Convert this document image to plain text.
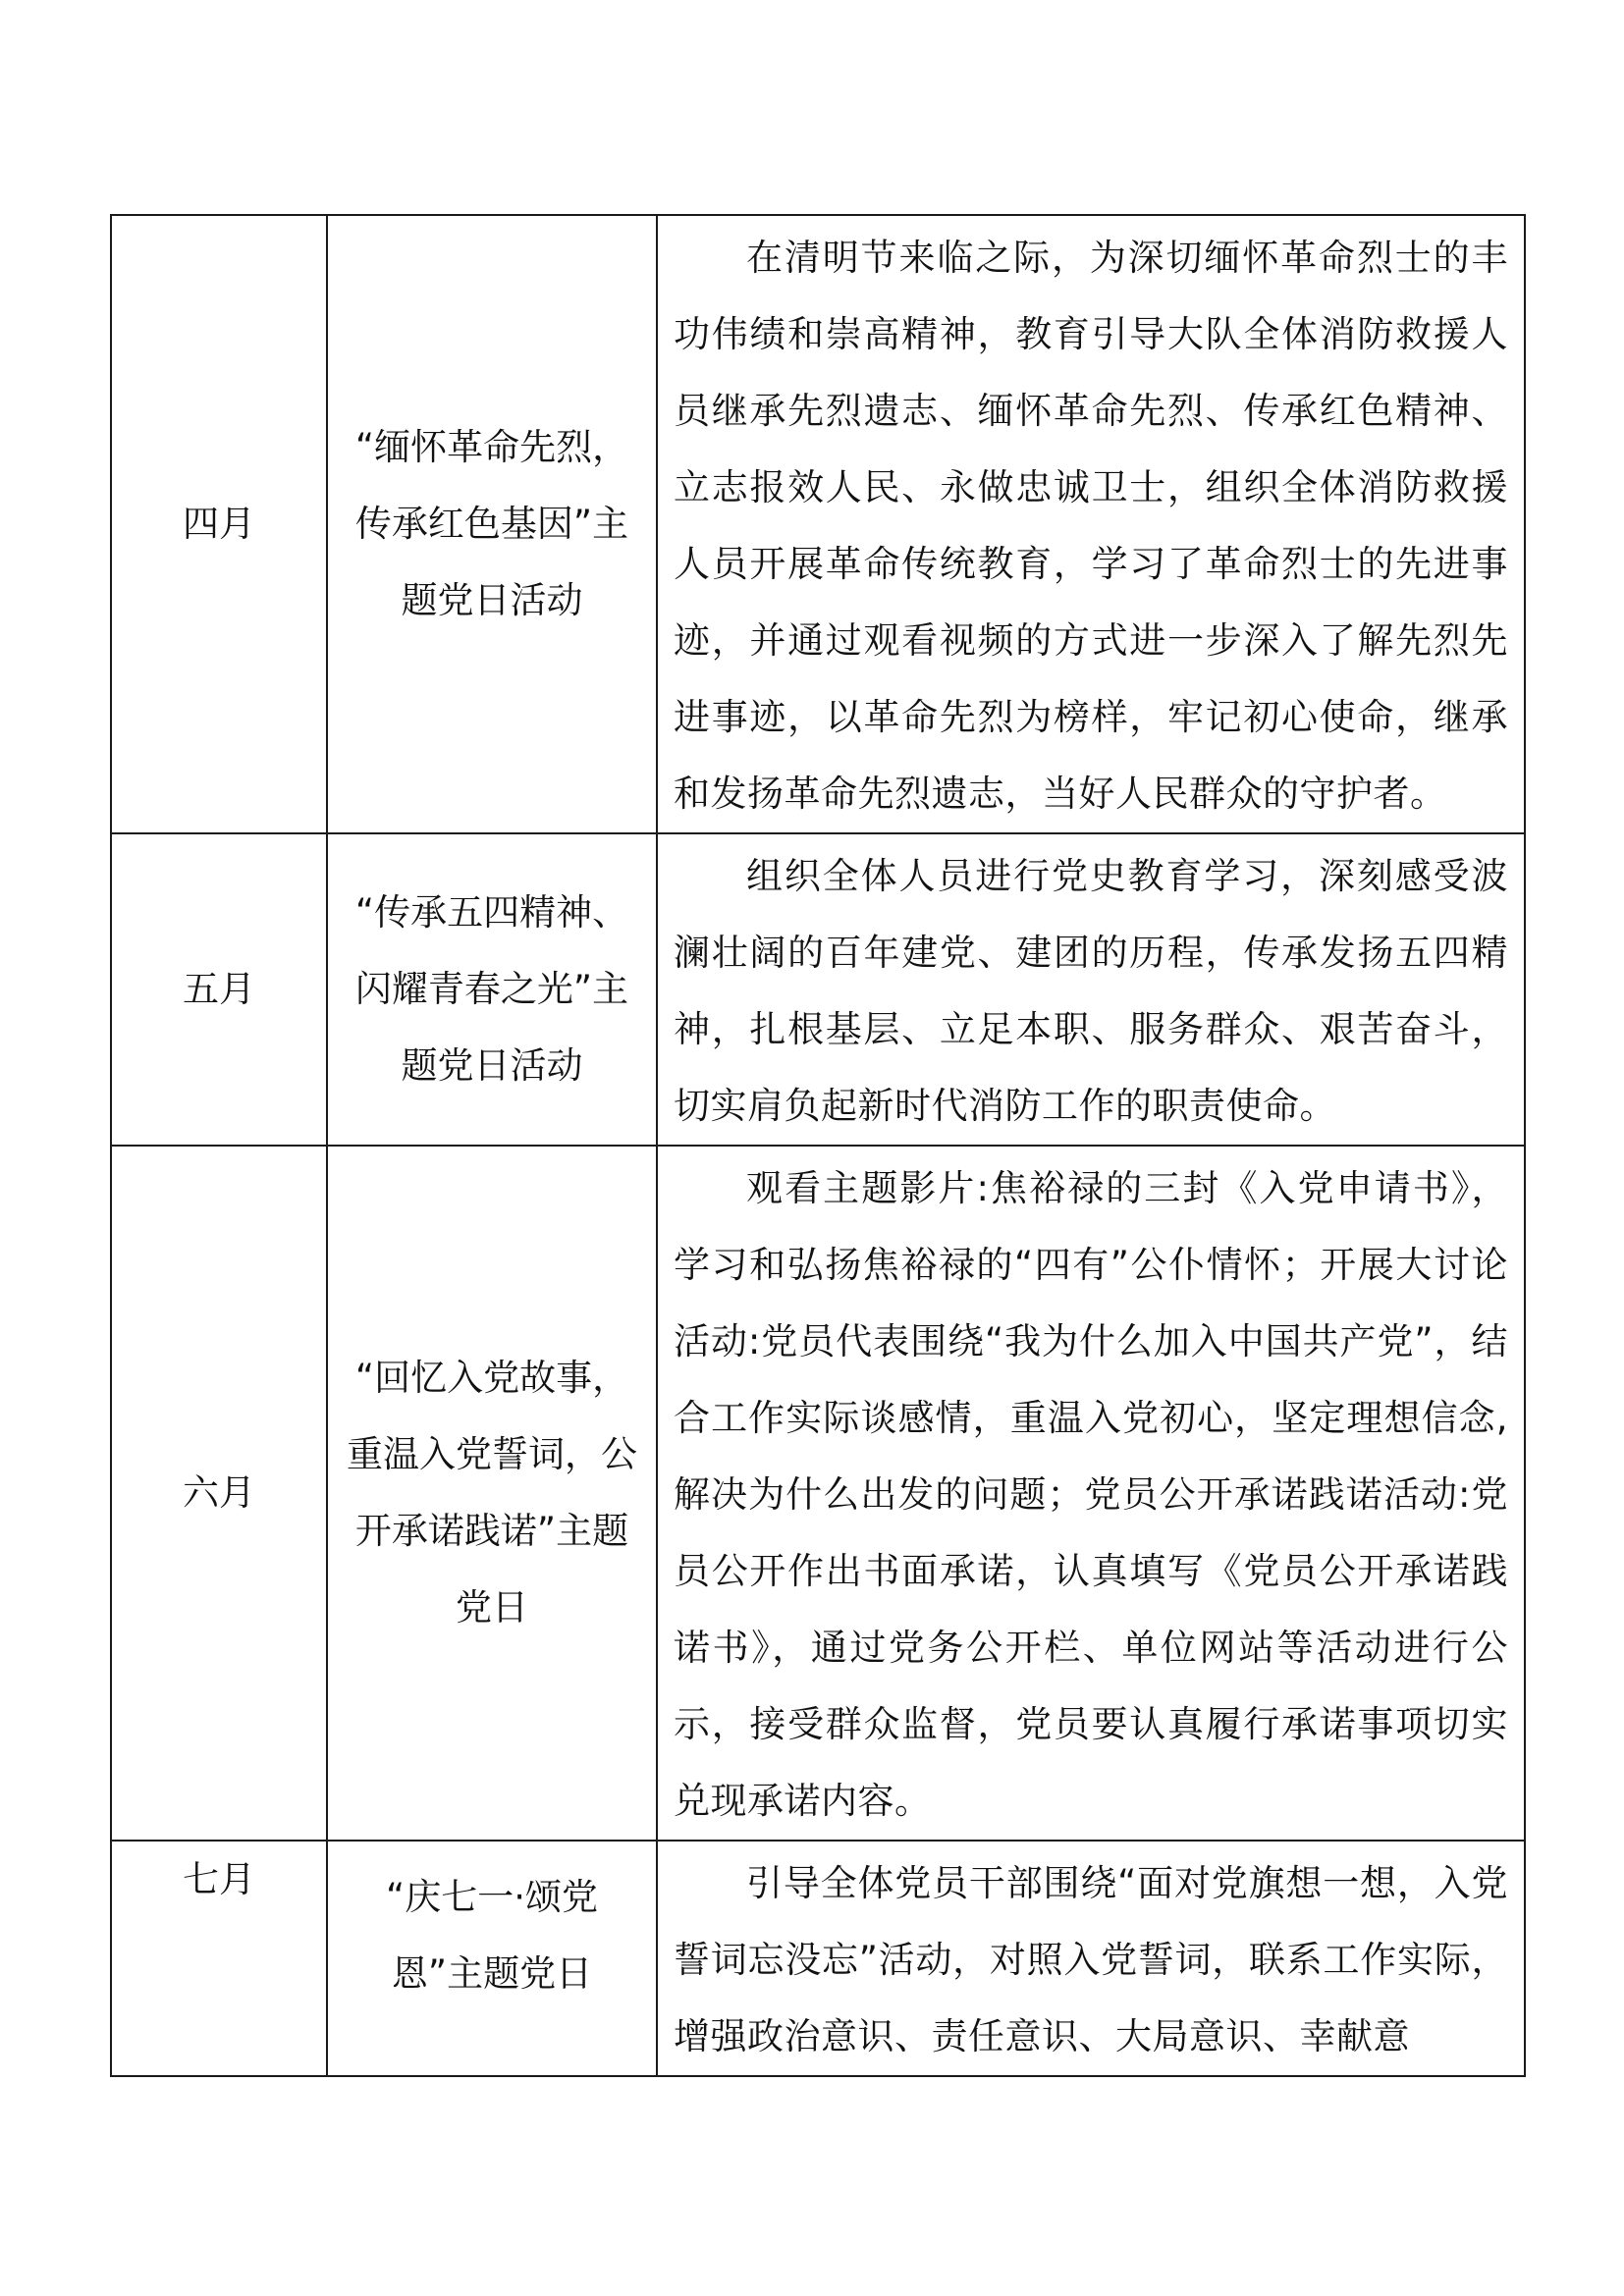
四月	“缅怀革命先烈，传承红色基因”主题党日活动	在清明节来临之际，为深切缅怀革命烈士的丰功伟绩和崇高精神，教育引导大队全体消防救援人员继承先烈遗志、缅怀革命先烈、传承红色精神、立志报效人民、永做忠诚卫士，组织全体消防救援人员开展革命传统教育，学习了革命烈士的先进事迹，并通过观看视频的方式进一步深入了解先烈先进事迹，以革命先烈为榜样，牢记初心使命，继承和发扬革命先烈遗志，当好人民群众的守护者。
五月	“传承五四精神、闪耀青春之光”主题党日活动	组织全体人员进行党史教育学习，深刻感受波澜壮阔的百年建党、建团的历程，传承发扬五四精神，扎根基层、立足本职、服务群众、艰苦奋斗，切实肩负起新时代消防工作的职责使命。
六月	“回忆入党故事，重温入党誓词，公开承诺践诺”主题党日	观看主题影片:焦裕禄的三封《入党申请书》，学习和弘扬焦裕禄的“四有”公仆情怀；开展大讨论活动:党员代表围绕“我为什么加入中国共产党”，结合工作实际谈感情，重温入党初心，坚定理想信念,解决为什么出发的问题；党员公开承诺践诺活动:党员公开作出书面承诺，认真填写《党员公开承诺践诺书》，通过党务公开栏、单位网站等活动进行公示，接受群众监督，党员要认真履行承诺事项切实兑现承诺内容。
七月	“庆七一·颂党恩”主题党日	引导全体党员干部围绕“面对党旗想一想，入党誓词忘没忘”活动，对照入党誓词，联系工作实际，增强政治意识、责任意识、大局意识、幸献意
